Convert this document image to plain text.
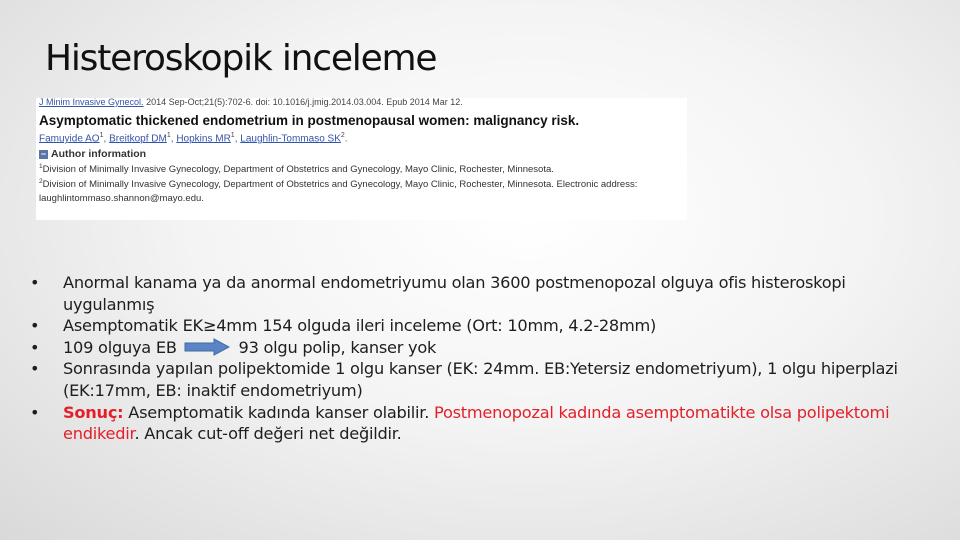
Histeroskopik inceleme
J Minim Invasive Gynecol. 2014 Sep-Oct;21(5):702-6. doi: 10.1016/j.jmig.2014.03.004. Epub 2014 Mar 12.
Asymptomatic thickened endometrium in postmenopausal women: malignancy risk.
Famuyide $AO^1$, Breitkopf $DM^1$, Hopkins $MR^1$, Laughlin-Tommaso $SK^2$.
− Author information
$^1$Division of Minimally Invasive Gynecology, Department of Obstetrics and Gynecology, Mayo Clinic, Rochester, Minnesota.
$^2$Division of Minimally Invasive Gynecology, Department of Obstetrics and Gynecology, Mayo Clinic, Rochester, Minnesota. Electronic address:
laughlintommaso.shannon@mayo.edu.
• Anormal kanama ya da anormal endometriyumu olan 3600 postmenopozal olguya ofis histeroskopi uygulanmış
• Asemptomatik EK≥4mm 154 olguda ileri inceleme (Ort: 10mm, 4.2-28mm)
• 109 olguya EB	93 olgu polip, kanser yok
• Sonrasında yapılan polipektomide 1 olgu kanser (EK: 24mm. EB:Yetersiz endometriyum), 1 olgu hiperplazi (EK:17mm, EB: inaktif endometriyum)
• Sonuç: Asemptomatik kadında kanser olabilir. Postmenopozal kadında asemptomatikte olsa polipektomi endikedir. Ancak cut-off değeri net değildir.
